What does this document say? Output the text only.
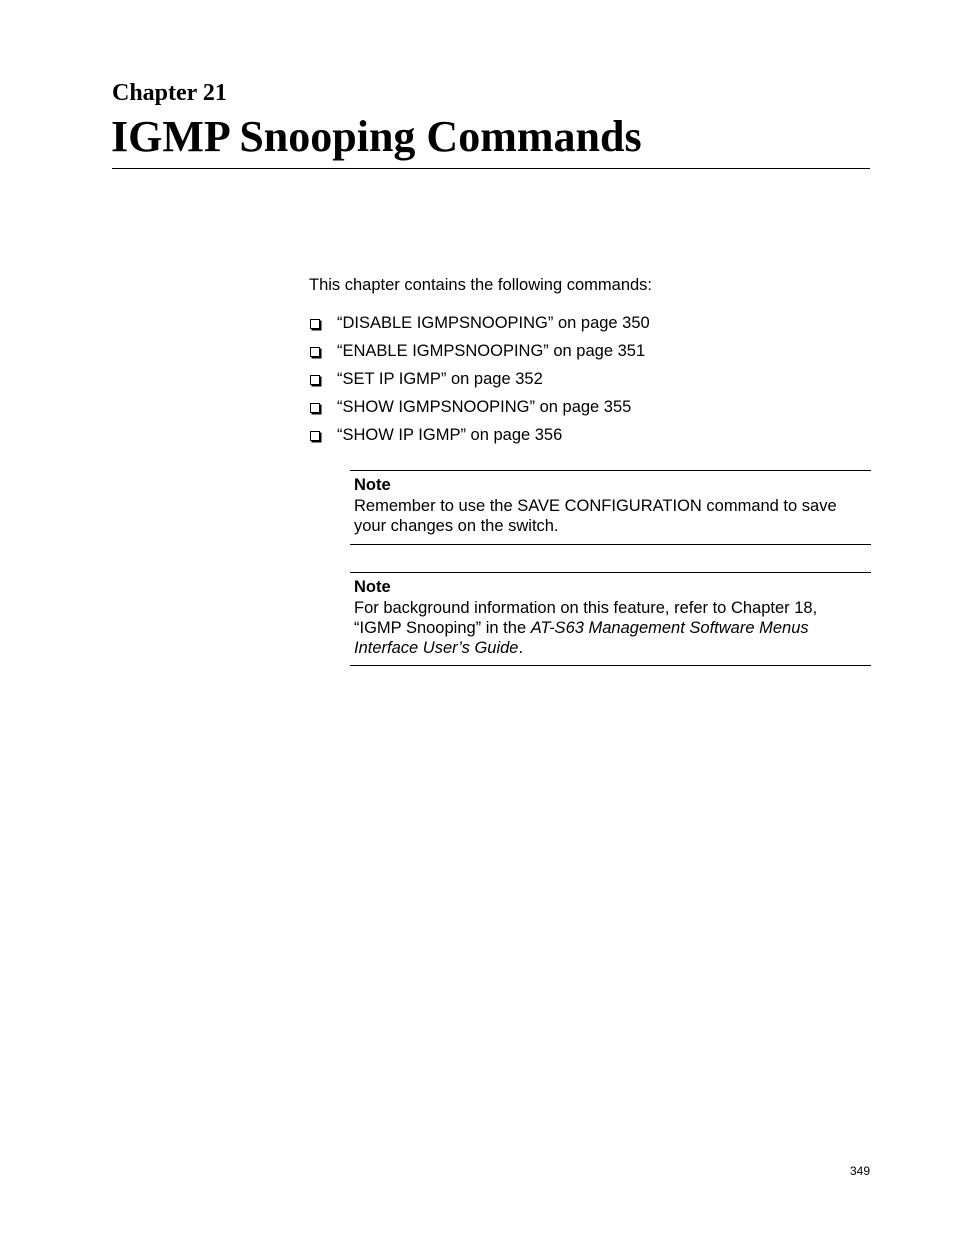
Chapter 21
IGMP Snooping Commands

This chapter contains the following commands:

“DISABLE IGMPSNOOPING” on page 350
“ENABLE IGMPSNOOPING” on page 351
“SET IP IGMP” on page 352
“SHOW IGMPSNOOPING” on page 355
“SHOW IP IGMP” on page 356

Note

Remember to use the SAVE CONFIGURATION command to save your changes on the switch.

Note

For background information on this feature, refer to Chapter 18, “IGMP Snooping” in the AT-S63 Management Software Menus Interface User’s Guide.

349
